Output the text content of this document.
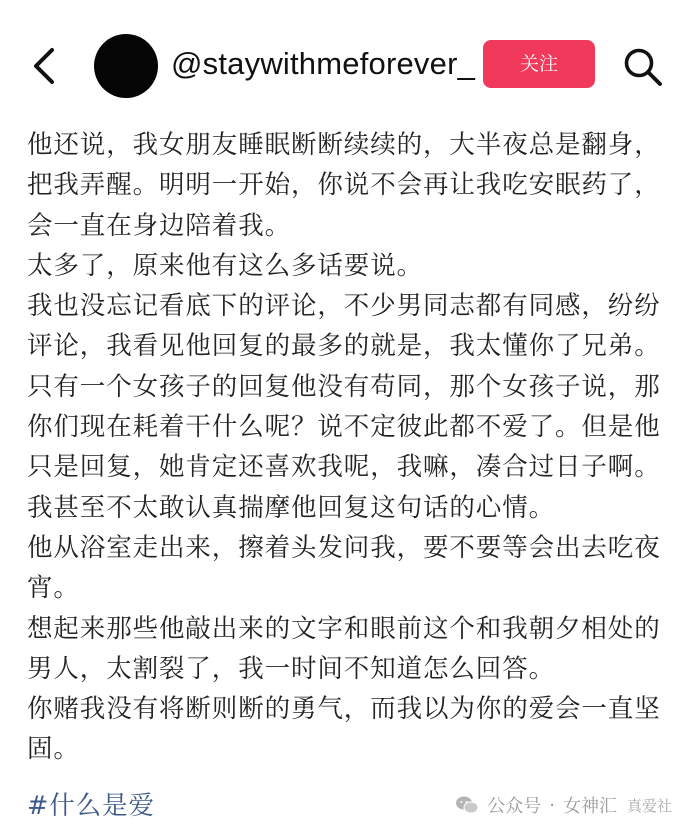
@staywithmeforever_	关注

他还说，我女朋友睡眠断断续续的，大半夜总是翻身，把我弄醒。明明一开始，你说不会再让我吃安眠药了，会一直在身边陪着我。

太多了，原来他有这么多话要说。

我也没忘记看底下的评论，不少男同志都有同感，纷纷评论，我看见他回复的最多的就是，我太懂你了兄弟。

只有一个女孩子的回复他没有苟同，那个女孩子说，那你们现在耗着干什么呢？说不定彼此都不爱了。但是他只是回复，她肯定还喜欢我呢，我嘛，凑合过日子啊。

我甚至不太敢认真揣摩他回复这句话的心情。

他从浴室走出来，擦着头发问我，要不要等会出去吃夜宵。

想起来那些他敲出来的文字和眼前这个和我朝夕相处的男人，太割裂了，我一时间不知道怎么回答。

你赌我没有将断则断的勇气，而我以为你的爱会一直坚固。

#什么是爱	公众号 · 女神汇 真爱社
